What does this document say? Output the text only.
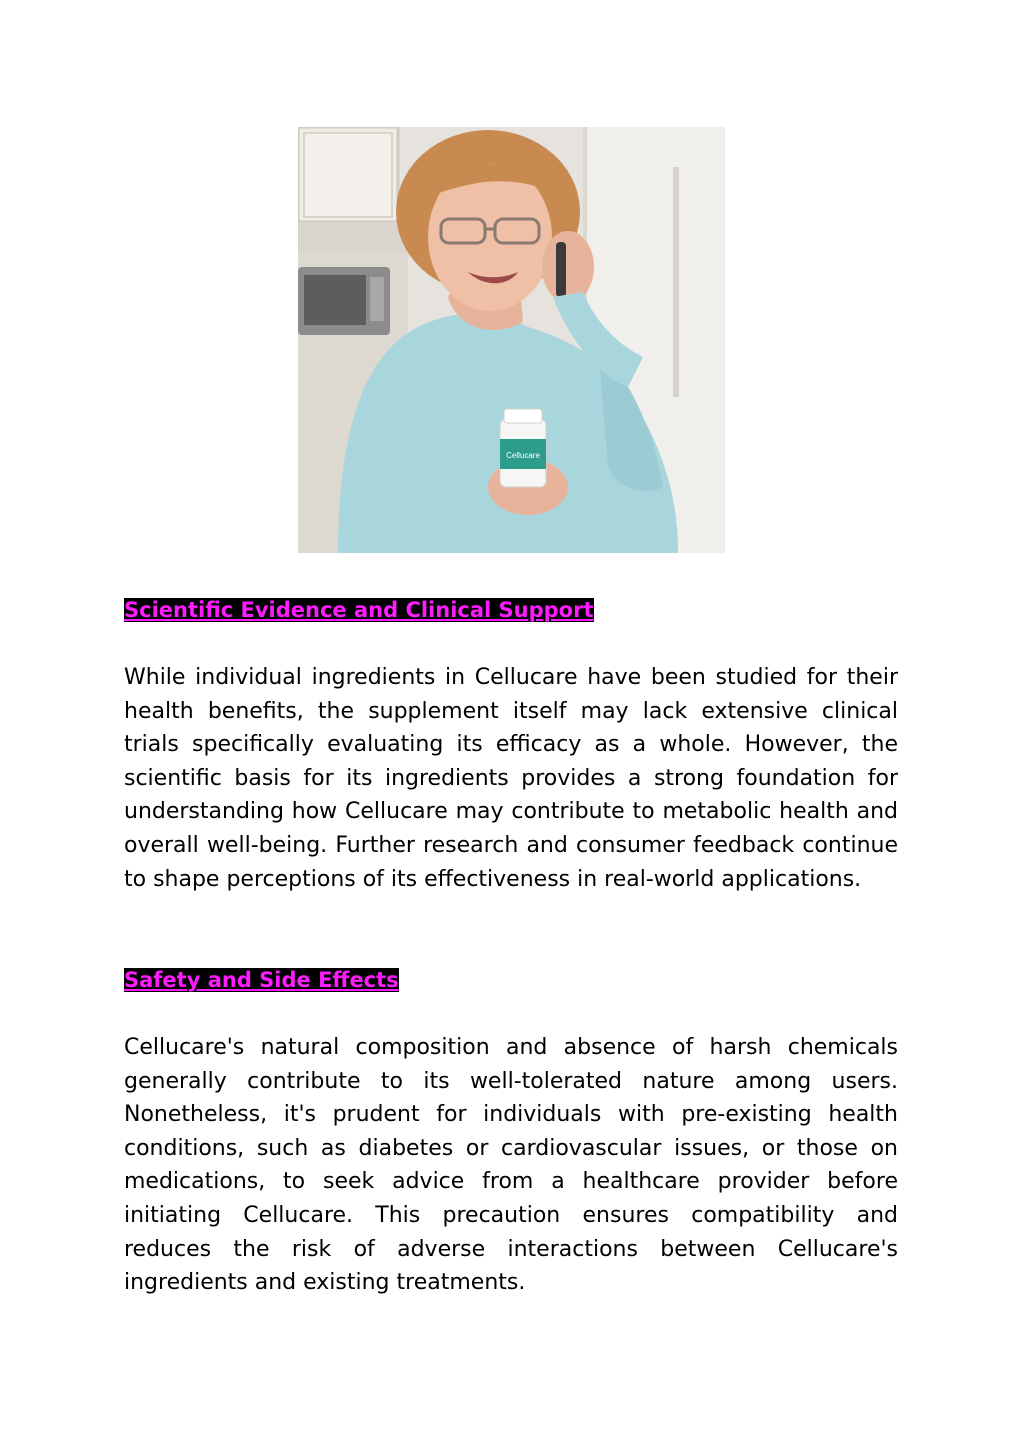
Cellucare
Scientific Evidence and Clinical Support

While individual ingredients in Cellucare have been studied for their health benefits, the supplement itself may lack extensive clinical trials specifically evaluating its efficacy as a whole. However, the scientific basis for its ingredients provides a strong foundation for understanding how Cellucare may contribute to metabolic health and overall well-being. Further research and consumer feedback continue to shape perceptions of its effectiveness in real-world applications.

Safety and Side Effects

Cellucare's natural composition and absence of harsh chemicals generally contribute to its well-tolerated nature among users. Nonetheless, it's prudent for individuals with pre-existing health conditions, such as diabetes or cardiovascular issues, or those on medications, to seek advice from a healthcare provider before initiating Cellucare. This precaution ensures compatibility and reduces the risk of adverse interactions between Cellucare's ingredients and existing treatments.
